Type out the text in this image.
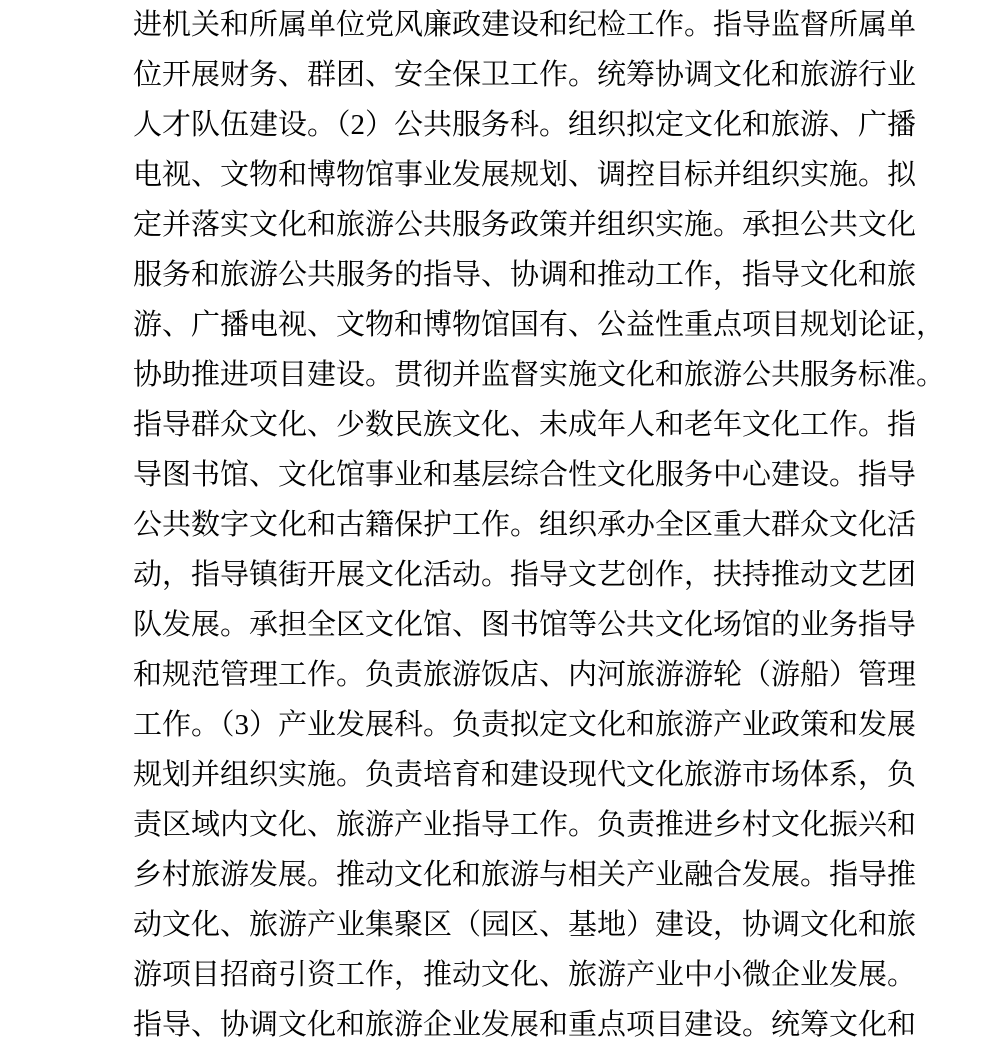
进机关和所属单位党风廉政建设和纪检工作。指导监督所属单
位开展财务、群团、安全保卫工作。统筹协调文化和旅游行业
人才队伍建设。（2）公共服务科。组织拟定文化和旅游、广播
电视、文物和博物馆事业发展规划、调控目标并组织实施。拟
定并落实文化和旅游公共服务政策并组织实施。承担公共文化
服务和旅游公共服务的指导、协调和推动工作，指导文化和旅
游、广播电视、文物和博物馆国有、公益性重点项目规划论证，
协助推进项目建设。贯彻并监督实施文化和旅游公共服务标准。
指导群众文化、少数民族文化、未成年人和老年文化工作。指
导图书馆、文化馆事业和基层综合性文化服务中心建设。指导
公共数字文化和古籍保护工作。组织承办全区重大群众文化活
动，指导镇街开展文化活动。指导文艺创作，扶持推动文艺团
队发展。承担全区文化馆、图书馆等公共文化场馆的业务指导
和规范管理工作。负责旅游饭店、内河旅游游轮（游船）管理
工作。（3）产业发展科。负责拟定文化和旅游产业政策和发展
规划并组织实施。负责培育和建设现代文化旅游市场体系，负
责区域内文化、旅游产业指导工作。负责推进乡村文化振兴和
乡村旅游发展。推动文化和旅游与相关产业融合发展。指导推
动文化、旅游产业集聚区（园区、基地）建设，协调文化和旅
游项目招商引资工作，推动文化、旅游产业中小微企业发展。
指导、协调文化和旅游企业发展和重点项目建设。统筹文化和
